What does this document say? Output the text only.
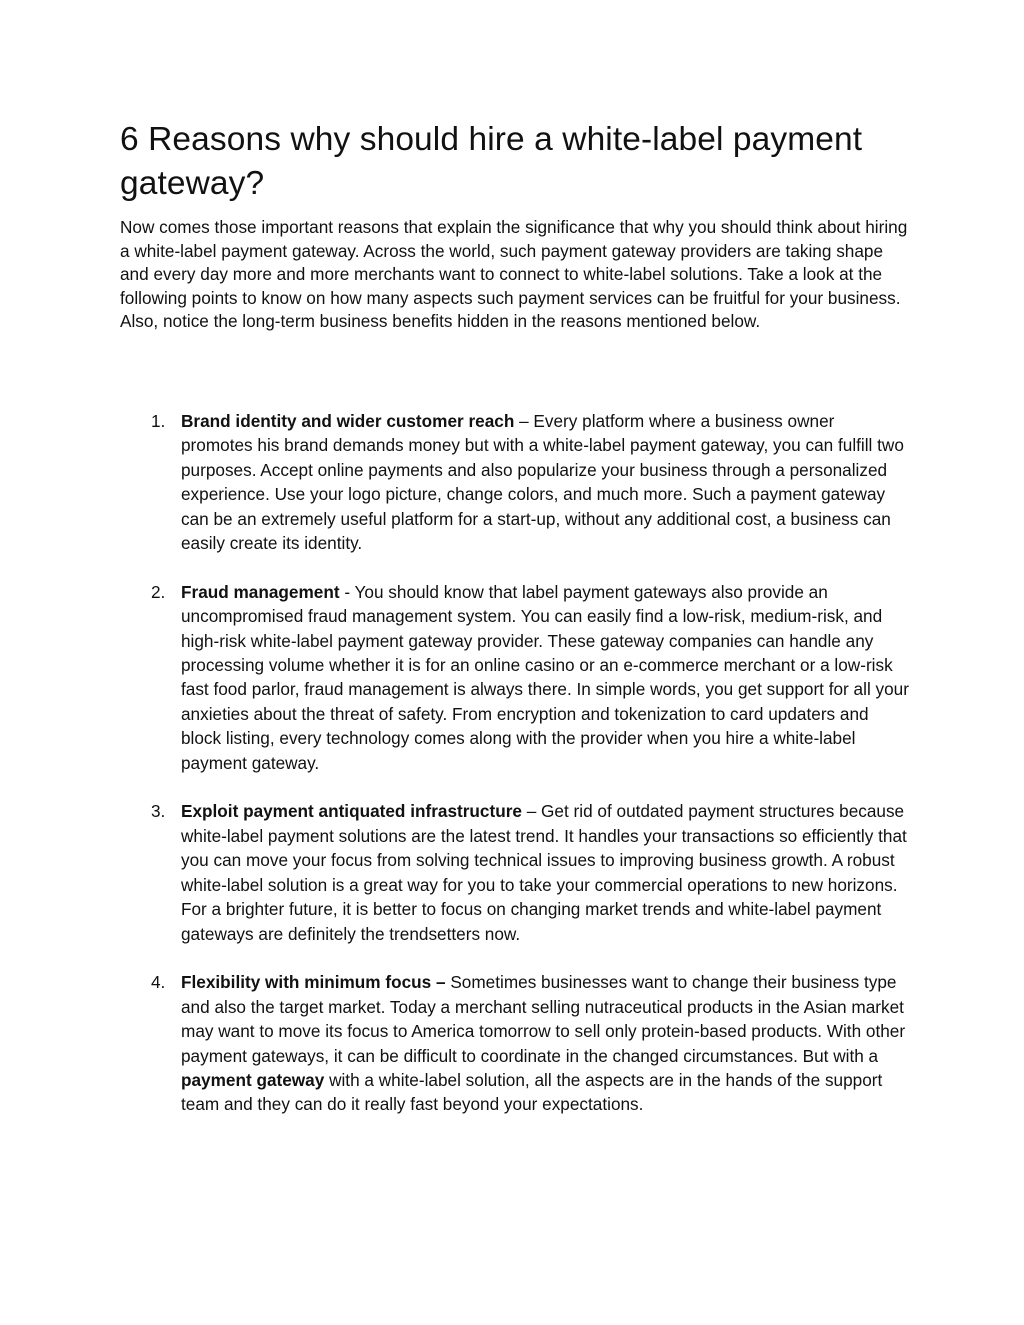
6 Reasons why should hire a white-label payment gateway?

Now comes those important reasons that explain the significance that why you should think about hiring a white-label payment gateway. Across the world, such payment gateway providers are taking shape and every day more and more merchants want to connect to white-label solutions. Take a look at the following points to know on how many aspects such payment services can be fruitful for your business. Also, notice the long-term business benefits hidden in the reasons mentioned below.

1. Brand identity and wider customer reach – Every platform where a business owner promotes his brand demands money but with a white-label payment gateway, you can fulfill two purposes. Accept online payments and also popularize your business through a personalized experience. Use your logo picture, change colors, and much more. Such a payment gateway can be an extremely useful platform for a start-up, without any additional cost, a business can easily create its identity.
2. Fraud management - You should know that label payment gateways also provide an uncompromised fraud management system. You can easily find a low-risk, medium-risk, and high-risk white-label payment gateway provider. These gateway companies can handle any processing volume whether it is for an online casino or an e-commerce merchant or a low-risk fast food parlor, fraud management is always there. In simple words, you get support for all your anxieties about the threat of safety. From encryption and tokenization to card updaters and block listing, every technology comes along with the provider when you hire a white-label payment gateway.
3. Exploit payment antiquated infrastructure – Get rid of outdated payment structures because white-label payment solutions are the latest trend. It handles your transactions so efficiently that you can move your focus from solving technical issues to improving business growth. A robust white-label solution is a great way for you to take your commercial operations to new horizons. For a brighter future, it is better to focus on changing market trends and white-label payment gateways are definitely the trendsetters now.
4. Flexibility with minimum focus – Sometimes businesses want to change their business type and also the target market. Today a merchant selling nutraceutical products in the Asian market may want to move its focus to America tomorrow to sell only protein-based products. With other payment gateways, it can be difficult to coordinate in the changed circumstances. But with a payment gateway with a white-label solution, all the aspects are in the hands of the support team and they can do it really fast beyond your expectations.
